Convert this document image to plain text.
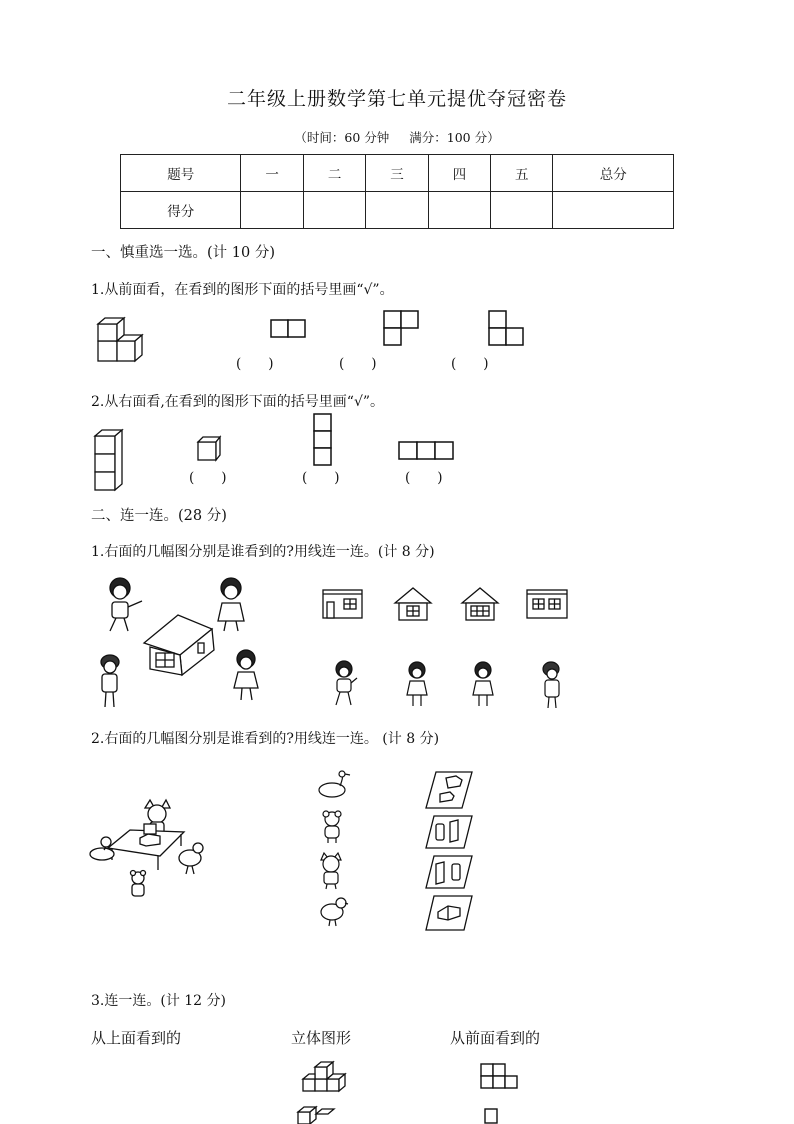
二年级上册数学第七单元提优夺冠密卷
（时间：60 分钟 满分：100 分）
题号	一	二	三	四	五	总分
得分						
一、慎重选一选。(计 10 分)
1.从前面看，在看到的图形下面的括号里画“√”。
(　　)	(　　)	(　　)
2.从右面看,在看到的图形下面的括号里画“√”。
(　　)	(　　)	(　　)
二、连一连。(28 分)
1.右面的几幅图分别是谁看到的?用线连一连。(计 8 分)
2.右面的几幅图分别是谁看到的?用线连一连。 (计 8 分)
3.连一连。(计 12 分)
从上面看到的	立体图形	从前面看到的
